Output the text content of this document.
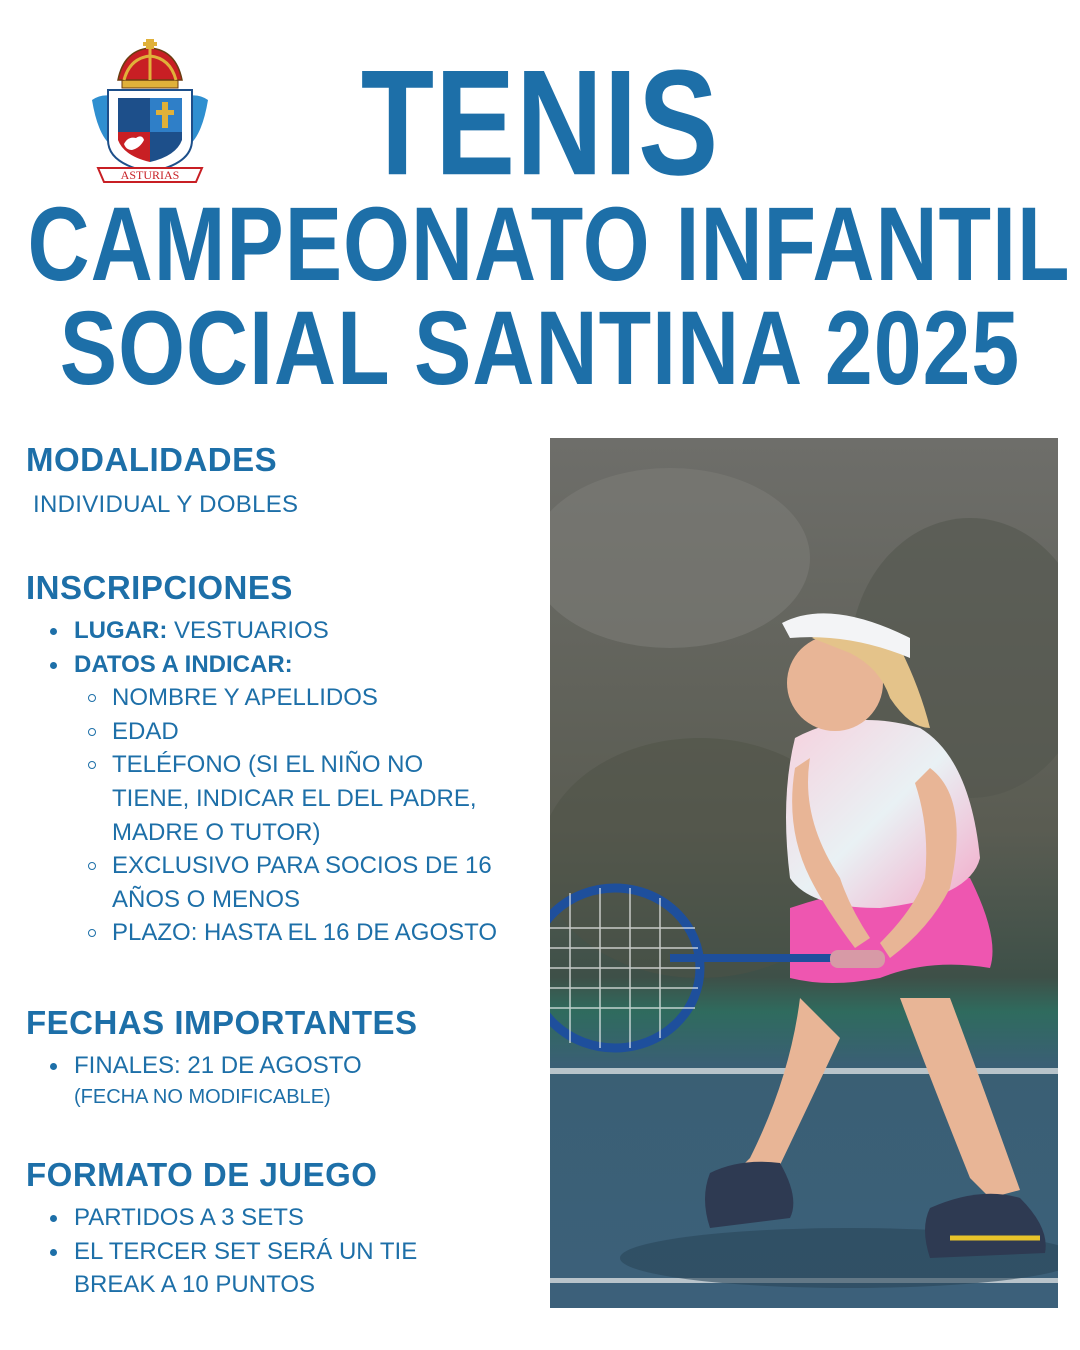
ASTURIAS	TENIS
CAMPEONATO INFANTIL
SOCIAL SANTINA 2025
MODALIDADES
INDIVIDUAL Y DOBLES
INSCRIPCIONES
LUGAR: VESTUARIOS
DATOS A INDICAR:
NOMBRE Y APELLIDOS
EDAD
TELÉFONO (SI EL NIÑO NO TIENE, INDICAR EL DEL PADRE, MADRE O TUTOR)
EXCLUSIVO PARA SOCIOS DE 16 AÑOS O MENOS
PLAZO: HASTA EL 16 DE AGOSTO
FECHAS IMPORTANTES
FINALES: 21 DE AGOSTO
(FECHA NO MODIFICABLE)
FORMATO DE JUEGO
PARTIDOS A 3 SETS
EL TERCER SET SERÁ UN TIE BREAK A 10 PUNTOS
